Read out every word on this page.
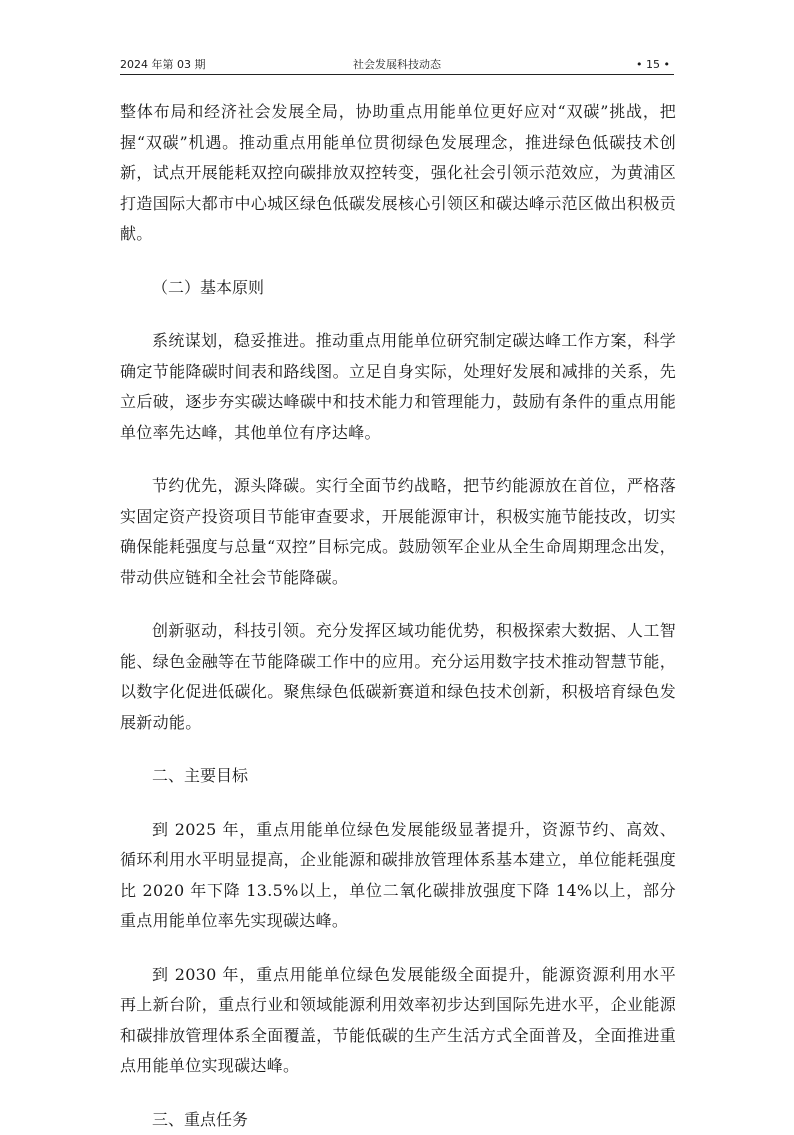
2024 年第 03 期	社会发展科技动态	• 15 •

整体布局和经济社会发展全局，协助重点用能单位更好应对“双碳”挑战，把握“双碳”机遇。推动重点用能单位贯彻绿色发展理念，推进绿色低碳技术创新，试点开展能耗双控向碳排放双控转变，强化社会引领示范效应，为黄浦区打造国际大都市中心城区绿色低碳发展核心引领区和碳达峰示范区做出积极贡献。

（二）基本原则

系统谋划，稳妥推进。推动重点用能单位研究制定碳达峰工作方案，科学确定节能降碳时间表和路线图。立足自身实际，处理好发展和减排的关系，先立后破，逐步夯实碳达峰碳中和技术能力和管理能力，鼓励有条件的重点用能单位率先达峰，其他单位有序达峰。

节约优先，源头降碳。实行全面节约战略，把节约能源放在首位，严格落实固定资产投资项目节能审查要求，开展能源审计，积极实施节能技改，切实确保能耗强度与总量“双控”目标完成。鼓励领军企业从全生命周期理念出发，带动供应链和全社会节能降碳。

创新驱动，科技引领。充分发挥区域功能优势，积极探索大数据、人工智能、绿色金融等在节能降碳工作中的应用。充分运用数字技术推动智慧节能，以数字化促进低碳化。聚焦绿色低碳新赛道和绿色技术创新，积极培育绿色发展新动能。

二、主要目标

到 2025 年，重点用能单位绿色发展能级显著提升，资源节约、高效、循环利用水平明显提高，企业能源和碳排放管理体系基本建立，单位能耗强度比 2020 年下降 13.5%以上，单位二氧化碳排放强度下降 14%以上，部分重点用能单位率先实现碳达峰。

到 2030 年，重点用能单位绿色发展能级全面提升，能源资源利用水平再上新台阶，重点行业和领域能源利用效率初步达到国际先进水平，企业能源和碳排放管理体系全面覆盖，节能低碳的生产生活方式全面普及，全面推进重点用能单位实现碳达峰。

三、重点任务
